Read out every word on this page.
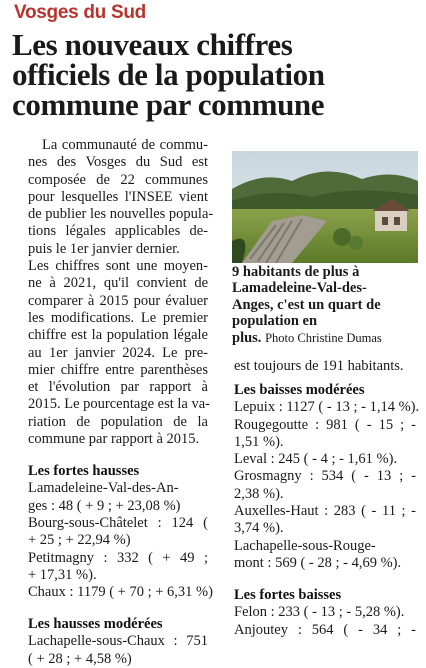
Vosges du Sud
Les nouveaux chiffres
officiels de la population
commune par commune
La communauté de commu-
nes des Vosges du Sud est
composée de 22 communes
pour lesquelles l'INSEE vient
de publier les nouvelles popula-
tions légales applicables de-
puis le 1er janvier dernier.
Les chiffres sont une moyen-
ne à 2021, qu'il convient de
comparer à 2015 pour évaluer
les modifications. Le premier
chiffre est la population légale
au 1er janvier 2024. Le pre-
mier chiffre entre parenthèses
et l'évolution par rapport à
2015. Le pourcentage est la va-
riation de population de la
commune par rapport à 2015.
Les fortes hausses
Lamadeleine-Val-des-An-
ges : 48 ( + 9 ; + 23,08 %)
Bourg-sous-Châtelet : 124 (
+ 25 ; + 22,94 %)
Petitmagny : 332 ( + 49 ;
+ 17,31 %).
Chaux : 1179 ( + 70 ; + 6,31 %)
Les hausses modérées
Lachapelle-sous-Chaux : 751
( + 28 ; + 4,58 %)
9 habitants de plus à
Lamadeleine-Val-des-
Anges, c'est un quart de
population en
plus. Photo Christine Dumas
est toujours de 191 habitants.
Les baisses modérées
Lepuix : 1127 ( - 13 ; - 1,14 %).
Rougegoutte : 981 ( - 15 ; -
1,51 %).
Leval : 245 ( - 4 ; - 1,61 %).
Grosmagny : 534 ( - 13 ; -
2,38 %).
Auxelles-Haut : 283 ( - 11 ; -
3,74 %).
Lachapelle-sous-Rouge-
mont : 569 ( - 28 ; - 4,69 %).
Les fortes baisses
Felon : 233 ( - 13 ; - 5,28 %).
Anjoutey : 564 ( - 34 ; -
